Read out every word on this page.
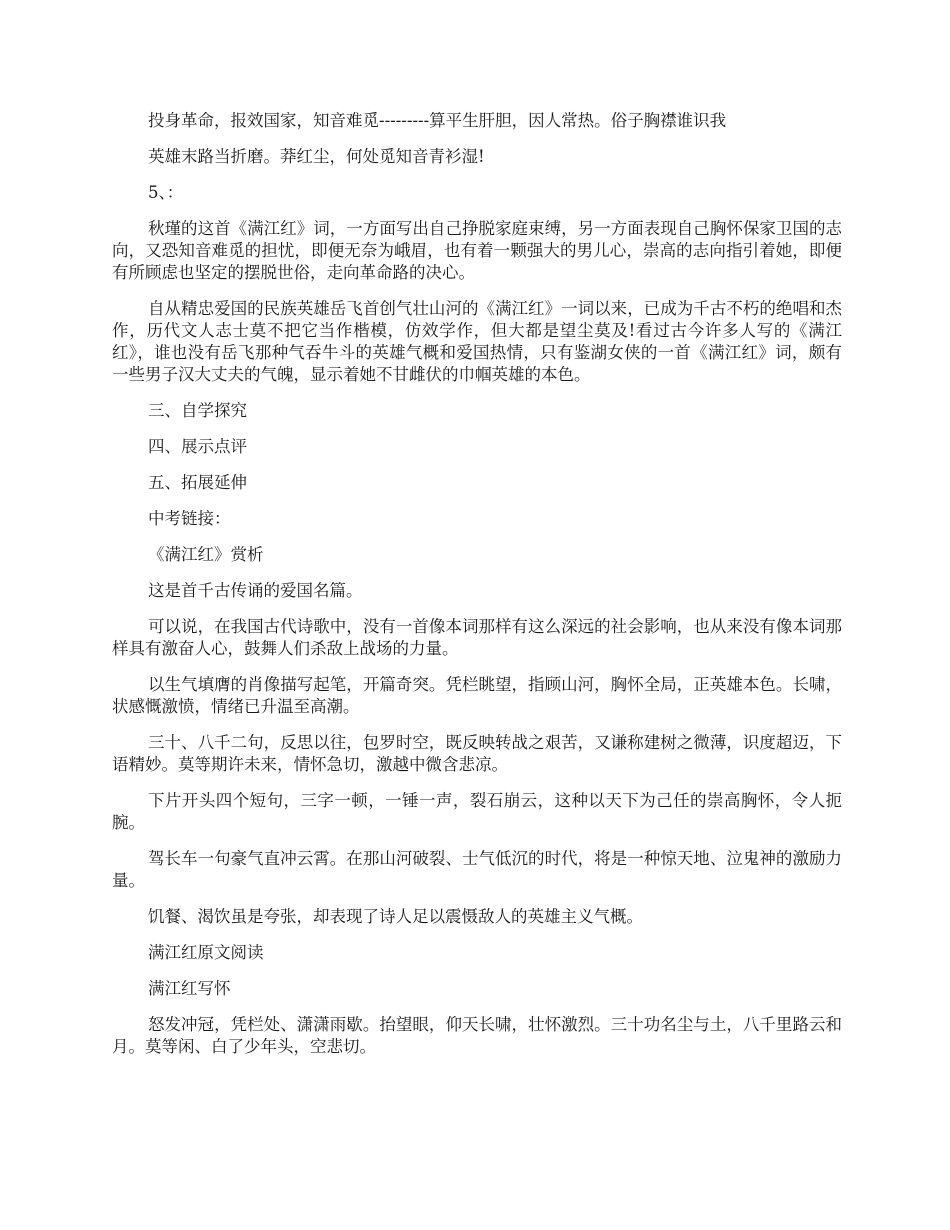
投身革命，报效国家，知音难觅---------算平生肝胆，因人常热。俗子胸襟谁识我

英雄末路当折磨。莽红尘，何处觅知音青衫湿!

5、：

秋瑾的这首《满江红》词，一方面写出自己挣脱家庭束缚，另一方面表现自己胸怀保家卫国的志向，又恐知音难觅的担忧，即便无奈为峨眉，也有着一颗强大的男儿心，崇高的志向指引着她，即便有所顾虑也坚定的摆脱世俗，走向革命路的决心。

自从精忠爱国的民族英雄岳飞首创气壮山河的《满江红》一词以来，已成为千古不朽的绝唱和杰作，历代文人志士莫不把它当作楷模，仿效学作，但大都是望尘莫及!看过古今许多人写的《满江红》，谁也没有岳飞那种气吞牛斗的英雄气概和爱国热情，只有鉴湖女侠的一首《满江红》词，颇有一些男子汉大丈夫的气魄，显示着她不甘雌伏的巾帼英雄的本色。

三、自学探究

四、展示点评

五、拓展延伸

中考链接：

《满江红》赏析

这是首千古传诵的爱国名篇。

可以说，在我国古代诗歌中，没有一首像本词那样有这么深远的社会影响，也从来没有像本词那样具有激奋人心，鼓舞人们杀敌上战场的力量。

以生气填膺的肖像描写起笔，开篇奇突。凭栏眺望，指顾山河，胸怀全局，正英雄本色。长啸，状感慨激愤，情绪已升温至高潮。

三十、八千二句，反思以往，包罗时空，既反映转战之艰苦，又谦称建树之微薄，识度超迈，下语精妙。莫等期许未来，情怀急切，激越中微含悲凉。

下片开头四个短句，三字一顿，一锤一声，裂石崩云，这种以天下为己任的崇高胸怀，令人扼腕。

驾长车一句豪气直冲云霄。在那山河破裂、士气低沉的时代，将是一种惊天地、泣鬼神的激励力量。

饥餐、渴饮虽是夸张，却表现了诗人足以震慑敌人的英雄主义气概。

满江红原文阅读

满江红写怀

怒发冲冠，凭栏处、潇潇雨歇。抬望眼，仰天长啸，壮怀激烈。三十功名尘与土，八千里路云和月。莫等闲、白了少年头，空悲切。
